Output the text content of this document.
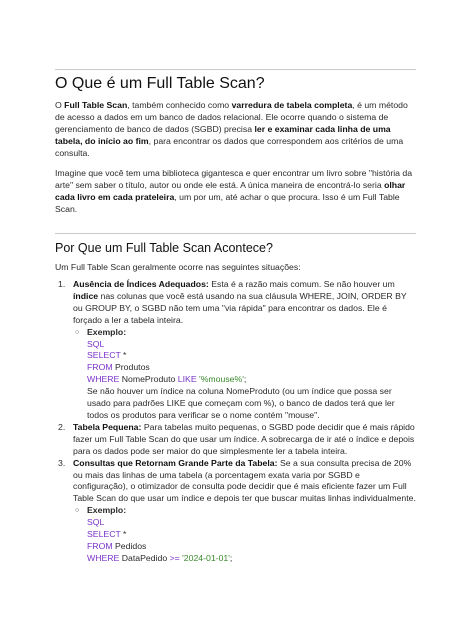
O Que é um Full Table Scan?
O Full Table Scan, também conhecido como varredura de tabela completa, é um método de acesso a dados em um banco de dados relacional. Ele ocorre quando o sistema de gerenciamento de banco de dados (SGBD) precisa ler e examinar cada linha de uma tabela, do início ao fim, para encontrar os dados que correspondem aos critérios de uma consulta.
Imagine que você tem uma biblioteca gigantesca e quer encontrar um livro sobre "história da arte" sem saber o título, autor ou onde ele está. A única maneira de encontrá-lo seria olhar cada livro em cada prateleira, um por um, até achar o que procura. Isso é um Full Table Scan.
Por Que um Full Table Scan Acontece?
Um Full Table Scan geralmente ocorre nas seguintes situações:
1. Ausência de Índices Adequados: Esta é a razão mais comum. Se não houver um índice nas colunas que você está usando na sua cláusula WHERE, JOIN, ORDER BY ou GROUP BY, o SGBD não tem uma "via rápida" para encontrar os dados. Ele é forçado a ler a tabela inteira.
○ Exemplo:
SQL
SELECT *
FROM Produtos
WHERE NomeProduto LIKE '%mouse%';
Se não houver um índice na coluna NomeProduto (ou um índice que possa ser usado para padrões LIKE que começam com %), o banco de dados terá que ler todos os produtos para verificar se o nome contém "mouse".
2. Tabela Pequena: Para tabelas muito pequenas, o SGBD pode decidir que é mais rápido fazer um Full Table Scan do que usar um índice. A sobrecarga de ir até o índice e depois para os dados pode ser maior do que simplesmente ler a tabela inteira.
3. Consultas que Retornam Grande Parte da Tabela: Se a sua consulta precisa de 20% ou mais das linhas de uma tabela (a porcentagem exata varia por SGBD e configuração), o otimizador de consulta pode decidir que é mais eficiente fazer um Full Table Scan do que usar um índice e depois ter que buscar muitas linhas individualmente.
○ Exemplo:
SQL
SELECT *
FROM Pedidos
WHERE DataPedido >= '2024-01-01';
